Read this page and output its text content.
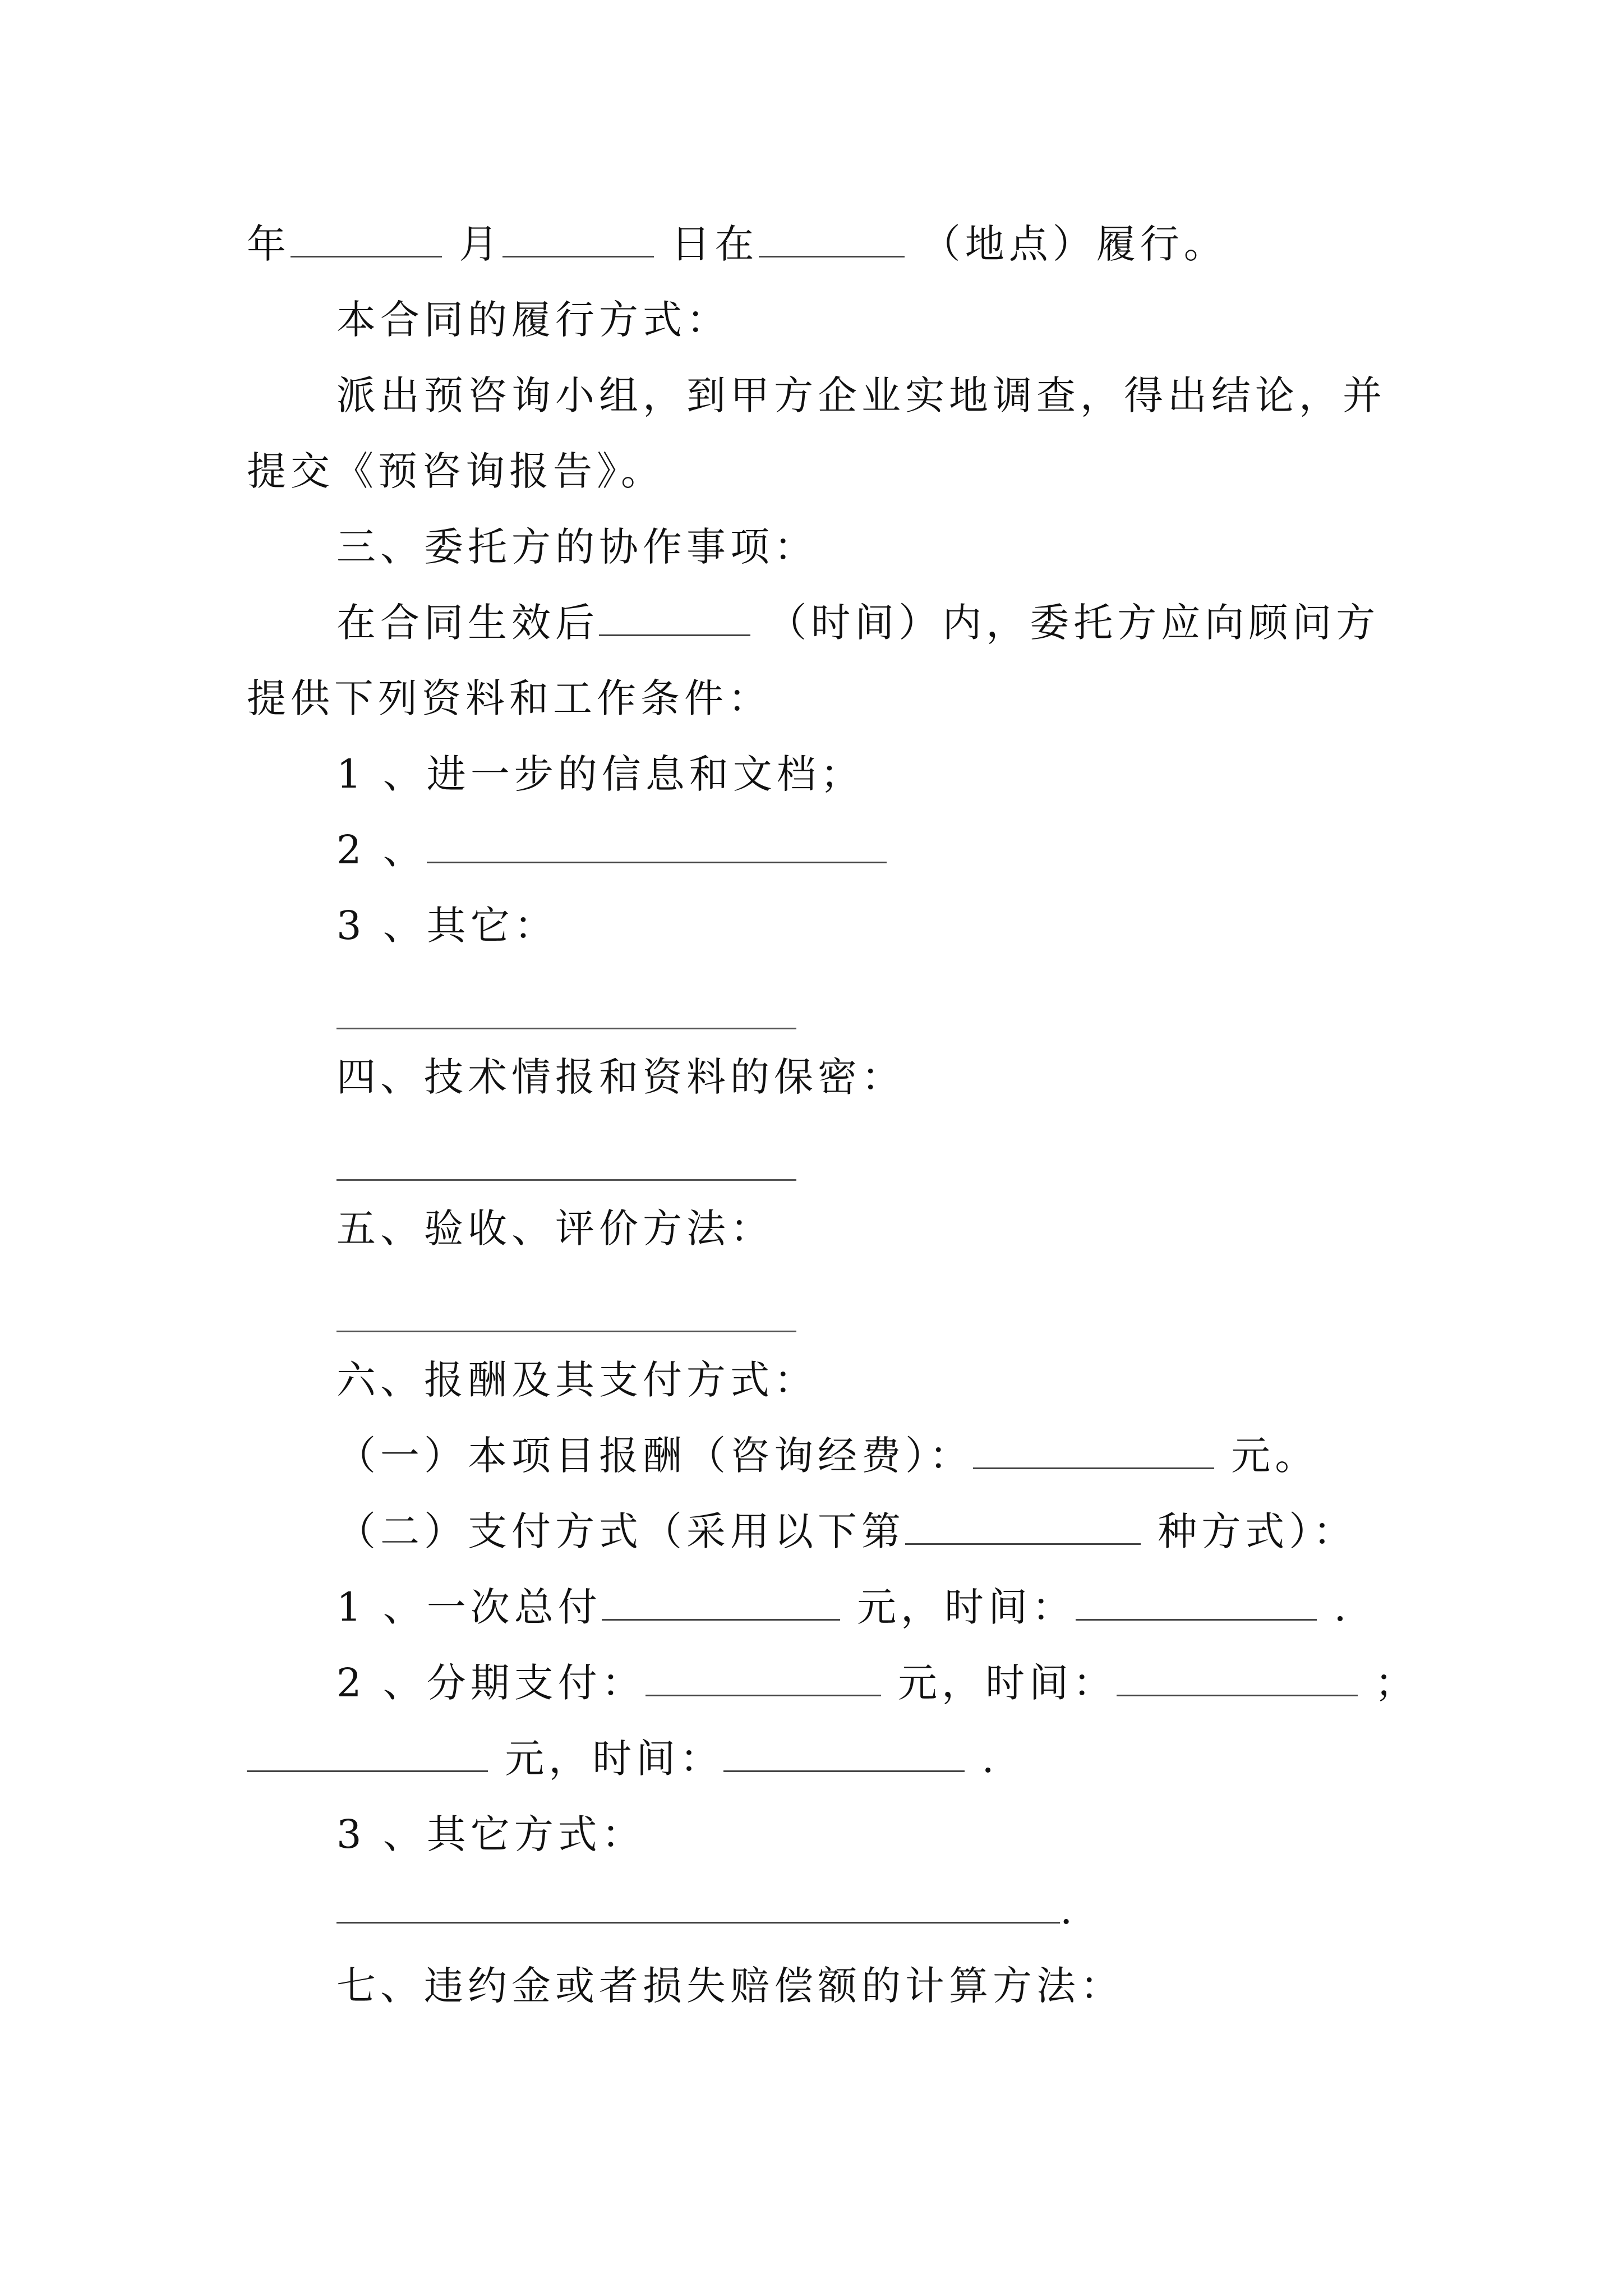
年	月	日在	（地点）履行。
本合同的履行方式：
派出预咨询小组，到甲方企业实地调查，得出结论，并
提交《预咨询报告》。
三、委托方的协作事项：
在合同生效后	（时间）内，委托方应向顾问方
提供下列资料和工作条件：
1 、进一步的信息和文档；
2 、
3 、其它：
四、技术情报和资料的保密：
五、验收、评价方法：
六、报酬及其支付方式：
（一）本项目报酬（咨询经费）：	元。
（二）支付方式（采用以下第	种方式）：
1 、一次总付	元，时间：	.
2 、分期支付：	元，时间：	；
元，时间：	.
3 、其它方式：
.
七、违约金或者损失赔偿额的计算方法：
